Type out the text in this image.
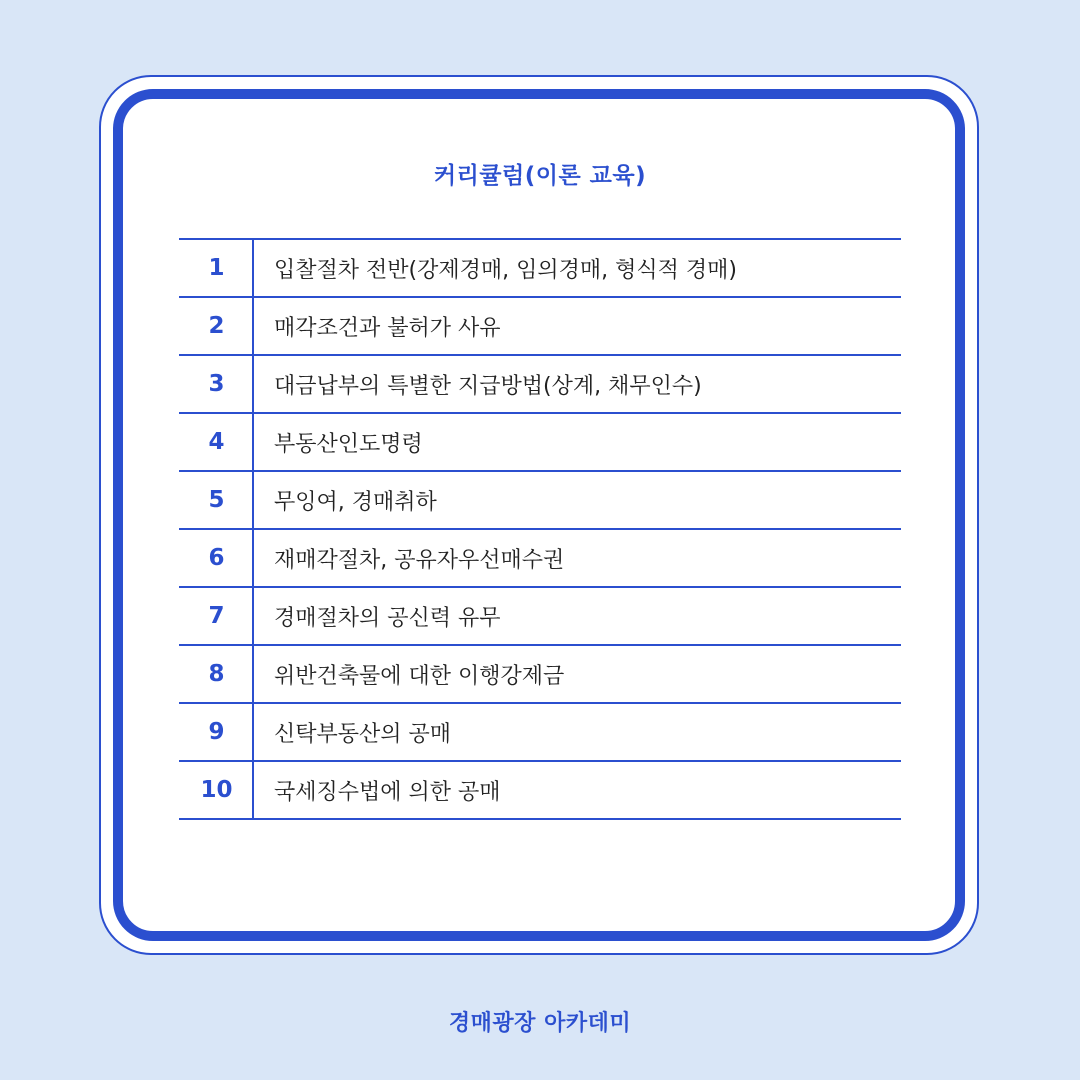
커리큘럼(이론 교육)
1	입찰절차 전반(강제경매, 임의경매, 형식적 경매)
2	매각조건과 불허가 사유
3	대금납부의 특별한 지급방법(상계, 채무인수)
4	부동산인도명령
5	무잉여, 경매취하
6	재매각절차, 공유자우선매수권
7	경매절차의 공신력 유무
8	위반건축물에 대한 이행강제금
9	신탁부동산의 공매
10	국세징수법에 의한 공매
경매광장 아카데미
